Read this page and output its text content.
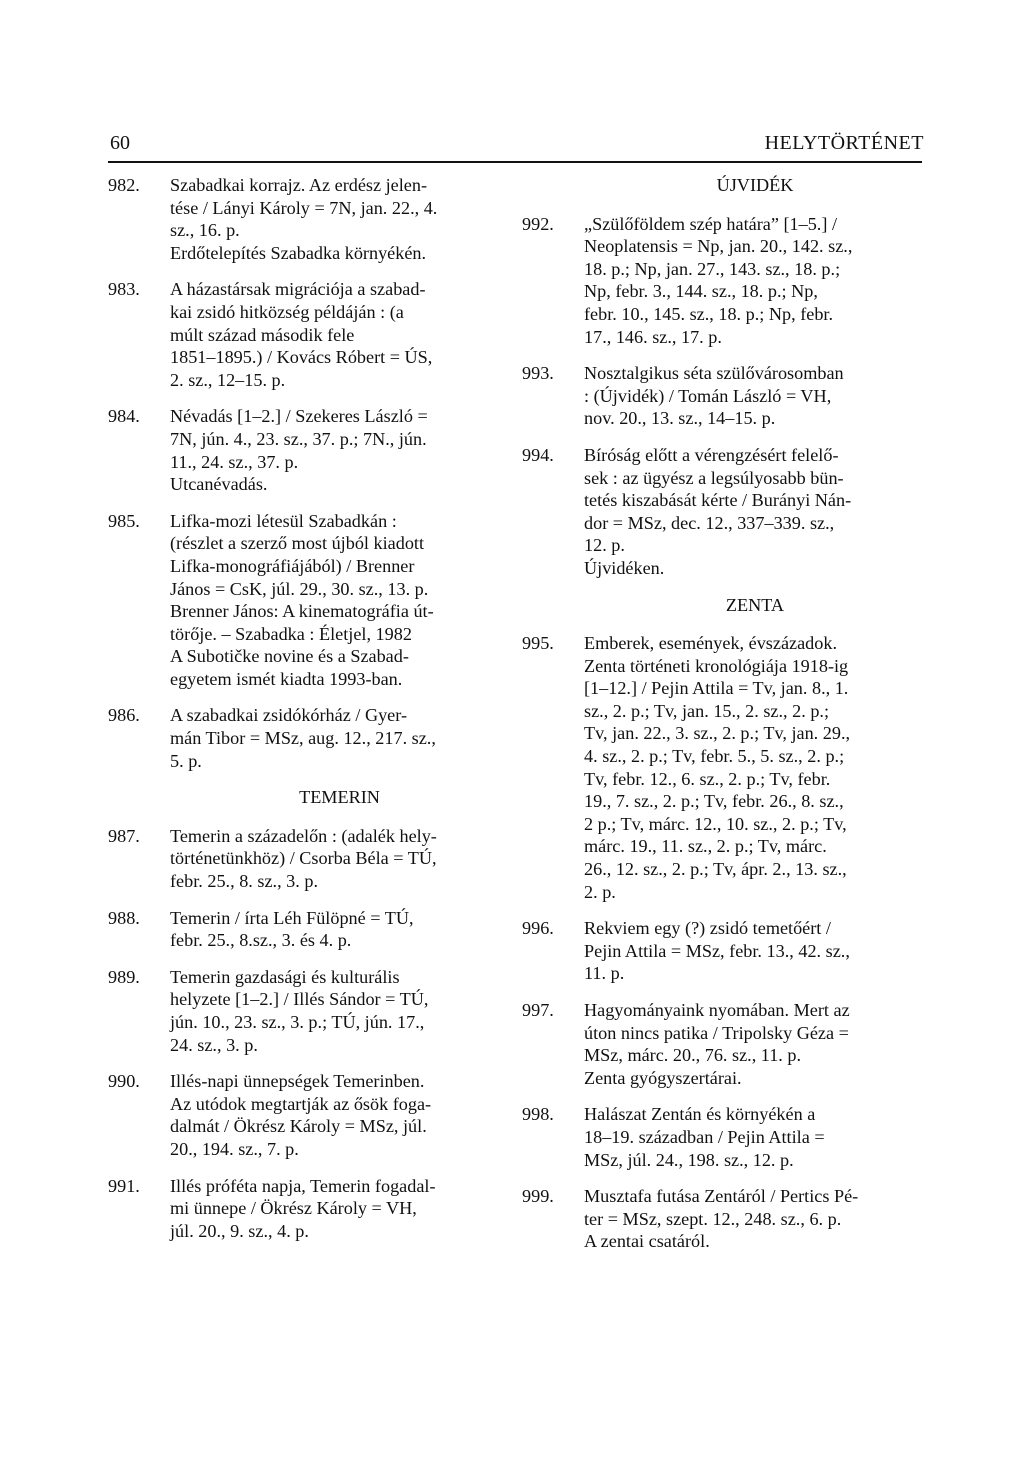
60	HELYTÖRTÉNET
982. Szabadkai korrajz. Az erdész jelen-
tése / Lányi Károly = 7N, jan. 22., 4.
sz., 16. p.
Erdőtelepítés Szabadka környékén.
983. A házastársak migrációja a szabad-
kai zsidó hitközség példáján : (a
múlt század második fele
1851–1895.) / Kovács Róbert = ÚS,
2. sz., 12–15. p.
984. Névadás [1–2.] / Szekeres László =
7N, jún. 4., 23. sz., 37. p.; 7N., jún.
11., 24. sz., 37. p.
Utcanévadás.
985. Lifka-mozi létesül Szabadkán :
(részlet a szerző most újból kiadott
Lifka-monográfiájából) / Brenner
János = CsK, júl. 29., 30. sz., 13. p.
Brenner János: A kinematográfia út-
törője. – Szabadka : Életjel, 1982
A Subotičke novine és a Szabad-
egyetem ismét kiadta 1993-ban.
986. A szabadkai zsidókórház / Gyer-
mán Tibor = MSz, aug. 12., 217. sz.,
5. p.
TEMERIN
987. Temerin a századelőn : (adalék hely-
történetünkhöz) / Csorba Béla = TÚ,
febr. 25., 8. sz., 3. p.
988. Temerin / írta Léh Fülöpné = TÚ,
febr. 25., 8.sz., 3. és 4. p.
989. Temerin gazdasági és kulturális
helyzete [1–2.] / Illés Sándor = TÚ,
jún. 10., 23. sz., 3. p.; TÚ, jún. 17.,
24. sz., 3. p.
990. Illés-napi ünnepségek Temerinben.
Az utódok megtartják az ősök foga-
dalmát / Ökrész Károly = MSz, júl.
20., 194. sz., 7. p.
991. Illés próféta napja, Temerin fogadal-
mi ünnepe / Ökrész Károly = VH,
júl. 20., 9. sz., 4. p.
ÚJVIDÉK
992. „Szülőföldem szép határa” [1–5.] /
Neoplatensis = Np, jan. 20., 142. sz.,
18. p.; Np, jan. 27., 143. sz., 18. p.;
Np, febr. 3., 144. sz., 18. p.; Np,
febr. 10., 145. sz., 18. p.; Np, febr.
17., 146. sz., 17. p.
993. Nosztalgikus séta szülővárosomban
: (Újvidék) / Tomán László = VH,
nov. 20., 13. sz., 14–15. p.
994. Bíróság előtt a vérengzésért felelő-
sek : az ügyész a legsúlyosabb bün-
tetés kiszabását kérte / Burányi Nán-
dor = MSz, dec. 12., 337–339. sz.,
12. p.
Újvidéken.
ZENTA
995. Emberek, események, évszázadok.
Zenta történeti kronológiája 1918-ig
[1–12.] / Pejin Attila = Tv, jan. 8., 1.
sz., 2. p.; Tv, jan. 15., 2. sz., 2. p.;
Tv, jan. 22., 3. sz., 2. p.; Tv, jan. 29.,
4. sz., 2. p.; Tv, febr. 5., 5. sz., 2. p.;
Tv, febr. 12., 6. sz., 2. p.; Tv, febr.
19., 7. sz., 2. p.; Tv, febr. 26., 8. sz.,
2 p.; Tv, márc. 12., 10. sz., 2. p.; Tv,
márc. 19., 11. sz., 2. p.; Tv, márc.
26., 12. sz., 2. p.; Tv, ápr. 2., 13. sz.,
2. p.
996. Rekviem egy (?) zsidó temetőért /
Pejin Attila = MSz, febr. 13., 42. sz.,
11. p.
997. Hagyományaink nyomában. Mert az
úton nincs patika / Tripolsky Géza =
MSz, márc. 20., 76. sz., 11. p.
Zenta gyógyszertárai.
998. Halászat Zentán és környékén a
18–19. században / Pejin Attila =
MSz, júl. 24., 198. sz., 12. p.
999. Musztafa futása Zentáról / Pertics Pé-
ter = MSz, szept. 12., 248. sz., 6. p.
A zentai csatáról.
